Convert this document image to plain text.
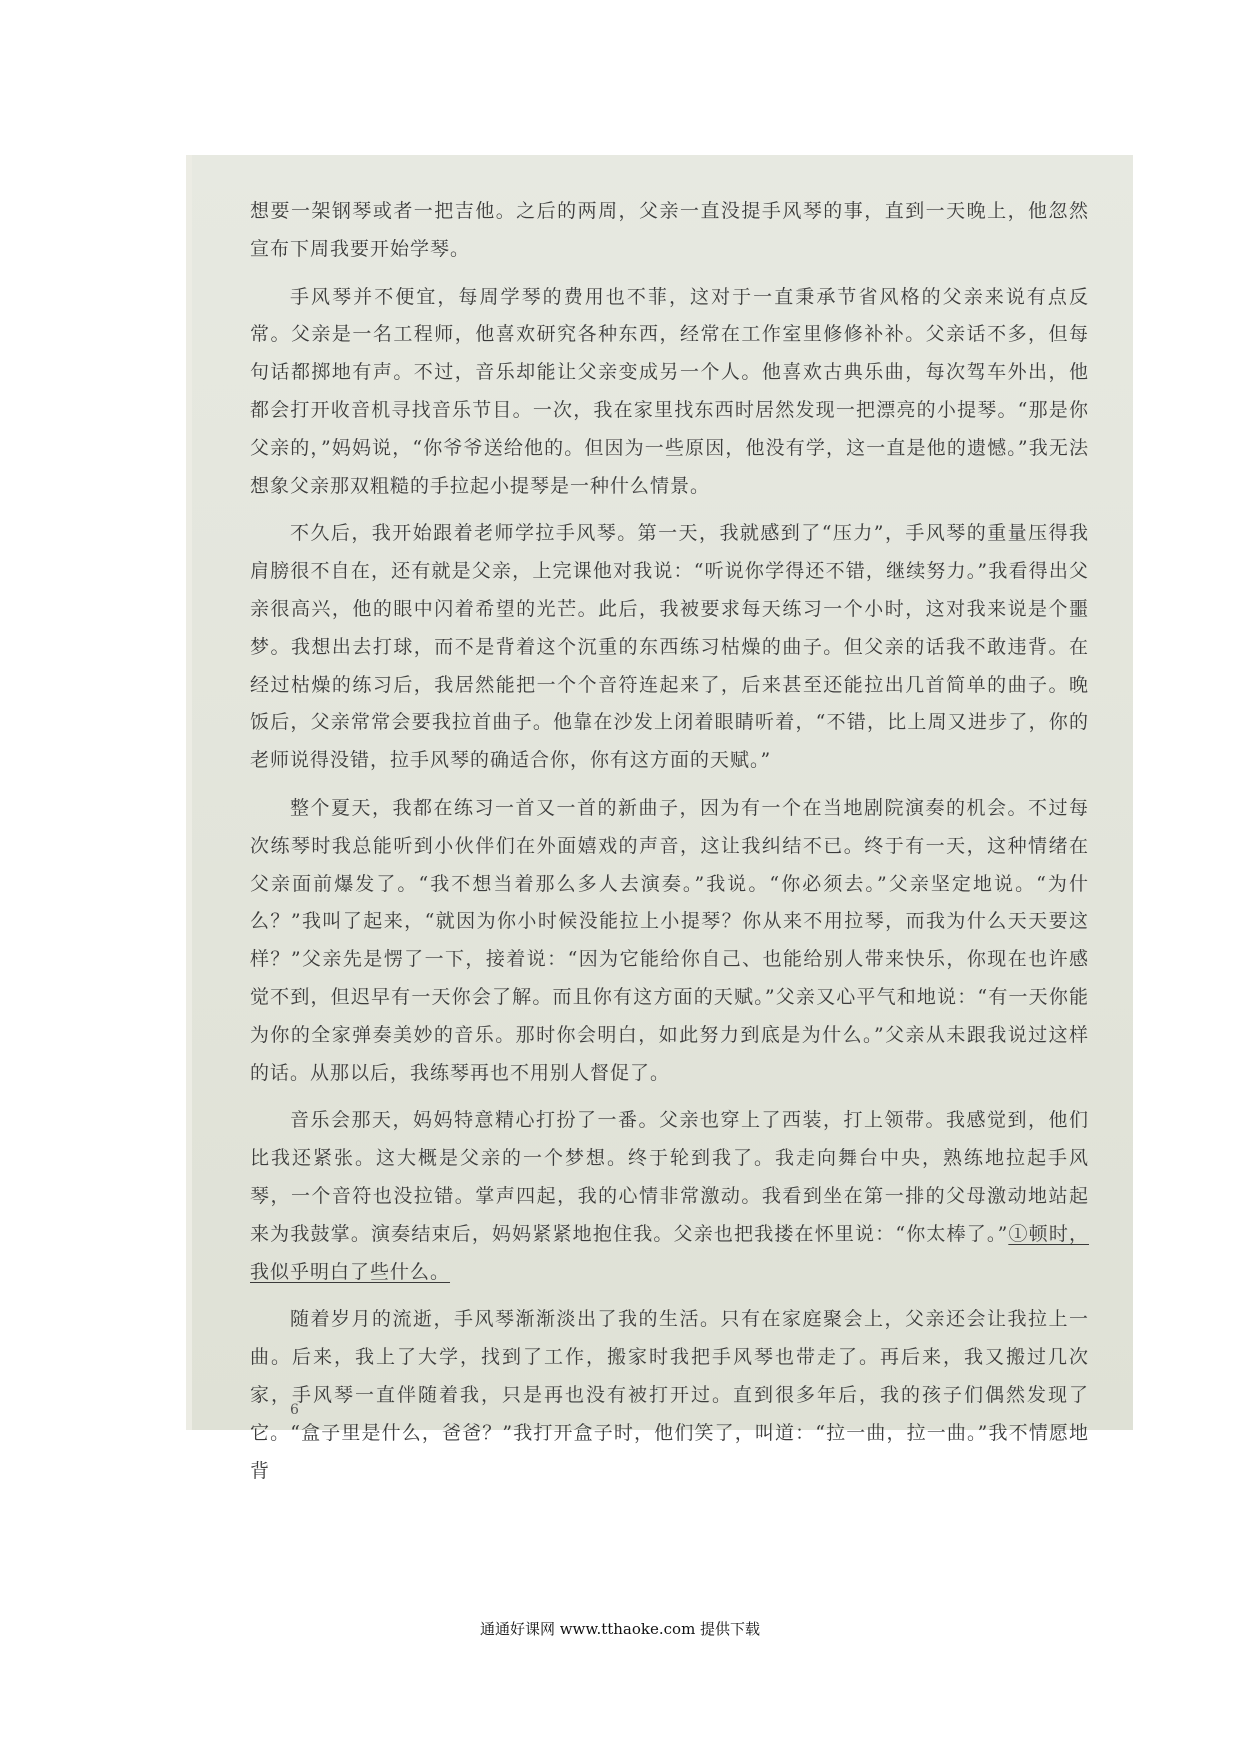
想要一架钢琴或者一把吉他。之后的两周，父亲一直没提手风琴的事，直到一天晚上，他忽然宣布下周我要开始学琴。

手风琴并不便宜，每周学琴的费用也不菲，这对于一直秉承节省风格的父亲来说有点反常。父亲是一名工程师，他喜欢研究各种东西，经常在工作室里修修补补。父亲话不多，但每句话都掷地有声。不过，音乐却能让父亲变成另一个人。他喜欢古典乐曲，每次驾车外出，他都会打开收音机寻找音乐节目。一次，我在家里找东西时居然发现一把漂亮的小提琴。“那是你父亲的，”妈妈说，“你爷爷送给他的。但因为一些原因，他没有学，这一直是他的遗憾。”我无法想象父亲那双粗糙的手拉起小提琴是一种什么情景。

不久后，我开始跟着老师学拉手风琴。第一天，我就感到了“压力”，手风琴的重量压得我肩膀很不自在，还有就是父亲，上完课他对我说：“听说你学得还不错，继续努力。”我看得出父亲很高兴，他的眼中闪着希望的光芒。此后，我被要求每天练习一个小时，这对我来说是个噩梦。我想出去打球，而不是背着这个沉重的东西练习枯燥的曲子。但父亲的话我不敢违背。在经过枯燥的练习后，我居然能把一个个音符连起来了，后来甚至还能拉出几首简单的曲子。晚饭后，父亲常常会要我拉首曲子。他靠在沙发上闭着眼睛听着，“不错，比上周又进步了，你的老师说得没错，拉手风琴的确适合你，你有这方面的天赋。”

整个夏天，我都在练习一首又一首的新曲子，因为有一个在当地剧院演奏的机会。不过每次练琴时我总能听到小伙伴们在外面嬉戏的声音，这让我纠结不已。终于有一天，这种情绪在父亲面前爆发了。“我不想当着那么多人去演奏。”我说。“你必须去。”父亲坚定地说。“为什么？”我叫了起来，“就因为你小时候没能拉上小提琴？你从来不用拉琴，而我为什么天天要这样？”父亲先是愣了一下，接着说：“因为它能给你自己、也能给别人带来快乐，你现在也许感觉不到，但迟早有一天你会了解。而且你有这方面的天赋。”父亲又心平气和地说：“有一天你能为你的全家弹奏美妙的音乐。那时你会明白，如此努力到底是为什么。”父亲从未跟我说过这样的话。从那以后，我练琴再也不用别人督促了。

音乐会那天，妈妈特意精心打扮了一番。父亲也穿上了西装，打上领带。我感觉到，他们比我还紧张。这大概是父亲的一个梦想。终于轮到我了。我走向舞台中央，熟练地拉起手风琴，一个音符也没拉错。掌声四起，我的心情非常激动。我看到坐在第一排的父母激动地站起来为我鼓掌。演奏结束后，妈妈紧紧地抱住我。父亲也把我搂在怀里说：“你太棒了。”①顿时，我似乎明白了些什么。

随着岁月的流逝，手风琴渐渐淡出了我的生活。只有在家庭聚会上，父亲还会让我拉上一曲。后来，我上了大学，找到了工作，搬家时我把手风琴也带走了。再后来，我又搬过几次家，手风琴一直伴随着我，只是再也没有被打开过。直到很多年后，我的孩子们偶然发现了它。“盒子里是什么，爸爸？”我打开盒子时，他们笑了，叫道：“拉一曲，拉一曲。”我不情愿地背

6
通通好课网 www.tthaoke.com 提供下载
